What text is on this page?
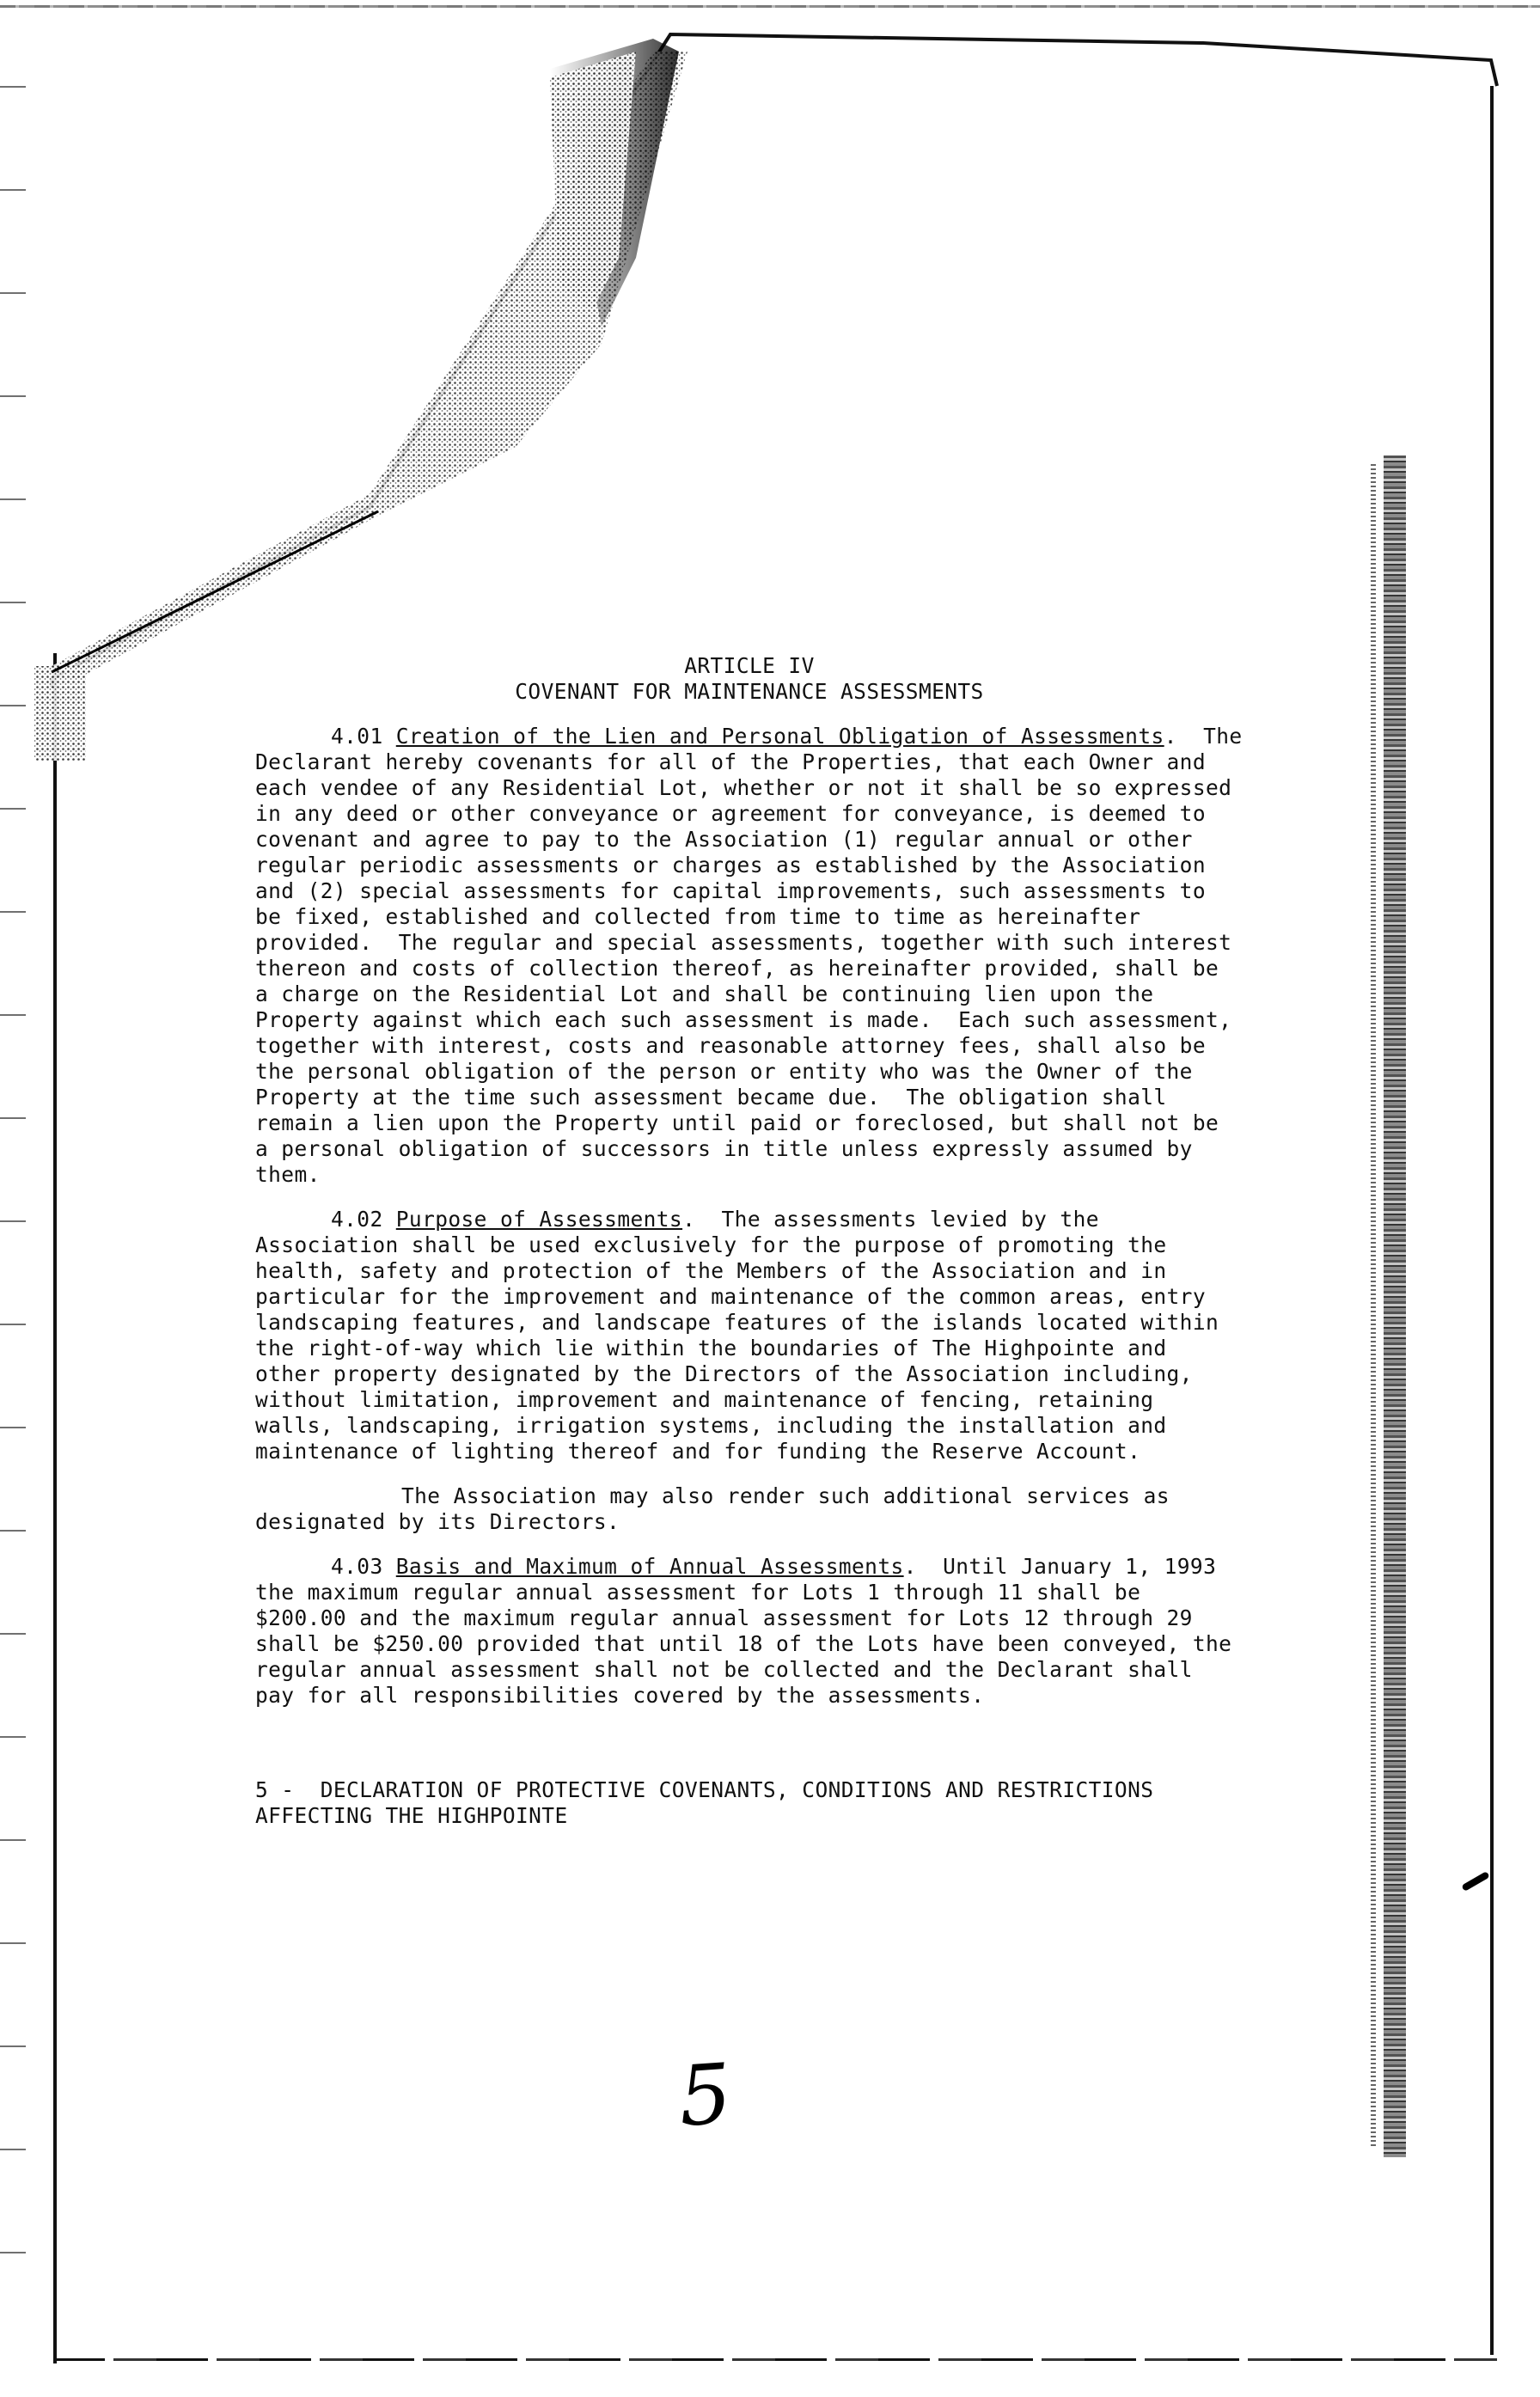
ARTICLE IV
COVENANT FOR MAINTENANCE ASSESSMENTS

4.01 Creation of the Lien and Personal Obligation of Assessments.  The Declarant hereby covenants for all of the Properties, that each Owner and each vendee of any Residential Lot, whether or not it shall be so expressed in any deed or other conveyance or agreement for conveyance, is deemed to covenant and agree to pay to the Association (1) regular annual or other regular periodic assessments or charges as established by the Association and (2) special assessments for capital improvements, such assessments to be fixed, established and collected from time to time as hereinafter provided.  The regular and special assessments, together with such interest thereon and costs of collection thereof, as hereinafter provided, shall be a charge on the Residential Lot and shall be continuing lien upon the Property against which each such assessment is made.  Each such assessment, together with interest, costs and reasonable attorney fees, shall also be the personal obligation of the person or entity who was the Owner of the Property at the time such assessment became due.  The obligation shall remain a lien upon the Property until paid or foreclosed, but shall not be a personal obligation of successors in title unless expressly assumed by them.

4.02 Purpose of Assessments.  The assessments levied by the Association shall be used exclusively for the purpose of promoting the health, safety and protection of the Members of the Association and in particular for the improvement and maintenance of the common areas, entry landscaping features, and landscape features of the islands located within the right-of-way which lie within the boundaries of The Highpointe and other property designated by the Directors of the Association including, without limitation, improvement and maintenance of fencing, retaining walls, landscaping, irrigation systems, including the installation and maintenance of lighting thereof and for funding the Reserve Account.

The Association may also render such additional services as designated by its Directors.

4.03 Basis and Maximum of Annual Assessments.  Until January 1, 1993 the maximum regular annual assessment for Lots 1 through 11 shall be $200.00 and the maximum regular annual assessment for Lots 12 through 29 shall be $250.00 provided that until 18 of the Lots have been conveyed, the regular annual assessment shall not be collected and the Declarant shall pay for all responsibilities covered by the assessments.

5 -  DECLARATION OF PROTECTIVE COVENANTS, CONDITIONS AND RESTRICTIONS AFFECTING THE HIGHPOINTE

5
